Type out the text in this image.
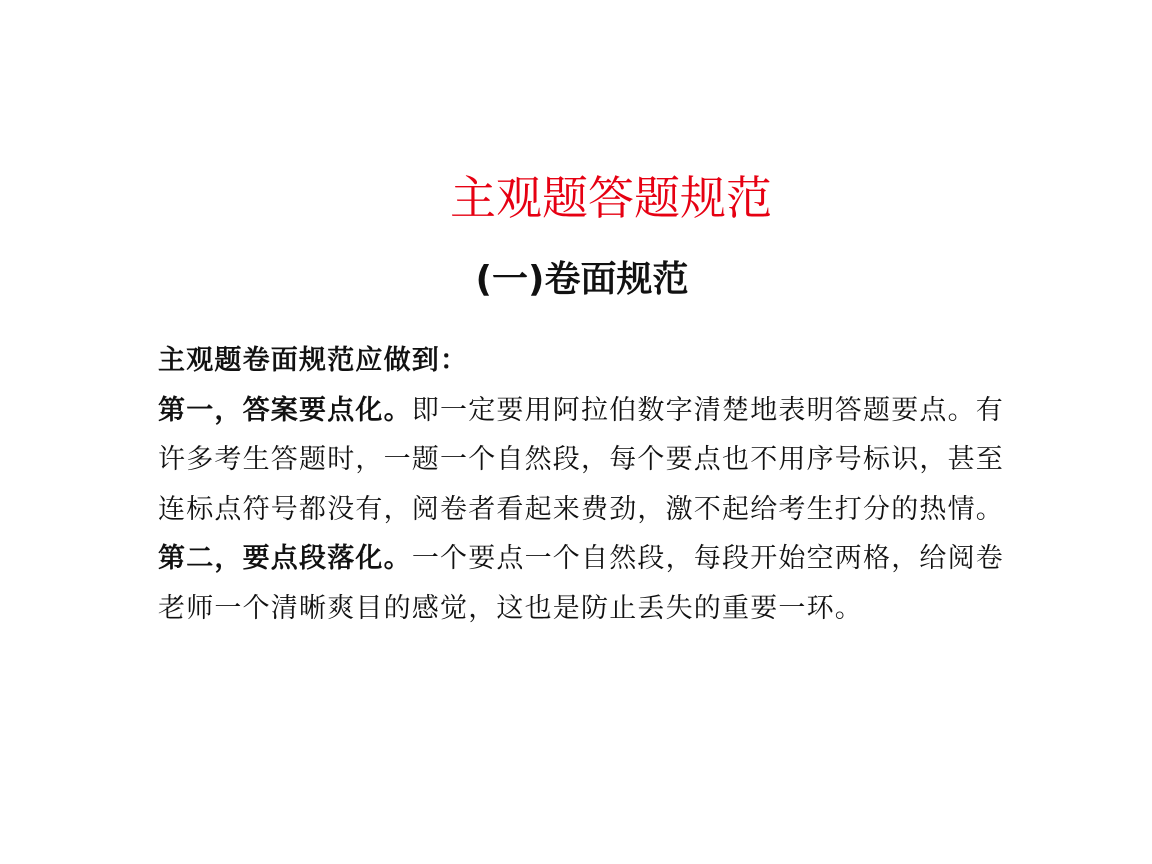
主观题答题规范
(一)卷面规范

主观题卷面规范应做到：

第一，答案要点化。即一定要用阿拉伯数字清楚地表明答题要点。有许多考生答题时，一题一个自然段，每个要点也不用序号标识，甚至连标点符号都没有，阅卷者看起来费劲，激不起给考生打分的热情。

第二，要点段落化。一个要点一个自然段，每段开始空两格，给阅卷老师一个清晰爽目的感觉，这也是防止丢失的重要一环。
